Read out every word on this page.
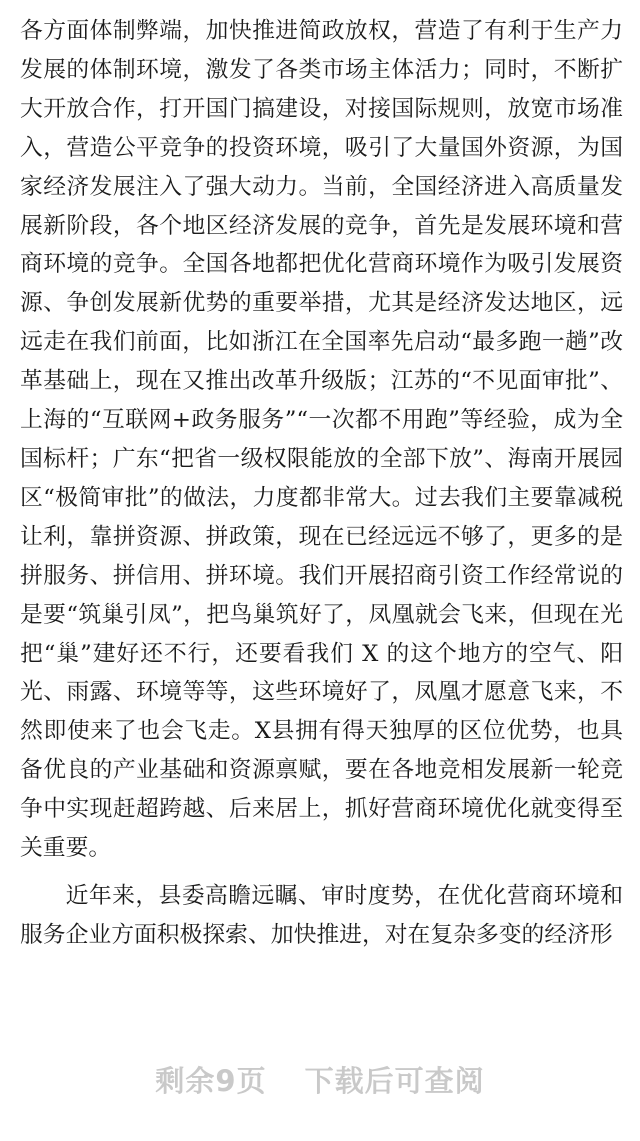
各方面体制弊端，加快推进简政放权，营造了有利于生产力发展的体制环境，激发了各类市场主体活力；同时，不断扩大开放合作，打开国门搞建设，对接国际规则，放宽市场准入，营造公平竞争的投资环境，吸引了大量国外资源，为国家经济发展注入了强大动力。当前，全国经济进入高质量发展新阶段，各个地区经济发展的竞争，首先是发展环境和营商环境的竞争。全国各地都把优化营商环境作为吸引发展资源、争创发展新优势的重要举措，尤其是经济发达地区，远远走在我们前面，比如浙江在全国率先启动“最多跑一趟”改革基础上，现在又推出改革升级版；江苏的“不见面审批”、上海的“互联网+政务服务”“一次都不用跑”等经验，成为全国标杆；广东“把省一级权限能放的全部下放”、海南开展园区“极简审批”的做法，力度都非常大。过去我们主要靠减税让利，靠拼资源、拼政策，现在已经远远不够了，更多的是拼服务、拼信用、拼环境。我们开展招商引资工作经常说的是要“筑巢引凤”，把鸟巢筑好了，凤凰就会飞来，但现在光把“巢”建好还不行，还要看我们 X 的这个地方的空气、阳光、雨露、环境等等，这些环境好了，凤凰才愿意飞来，不然即使来了也会飞走。X县拥有得天独厚的区位优势，也具备优良的产业基础和资源禀赋，要在各地竞相发展新一轮竞争中实现赶超跨越、后来居上，抓好营商环境优化就变得至关重要。

近年来，县委高瞻远瞩、审时度势，在优化营商环境和服务企业方面积极探索、加快推进，对在复杂多变的经济形

剩余9页 下载后可查阅
